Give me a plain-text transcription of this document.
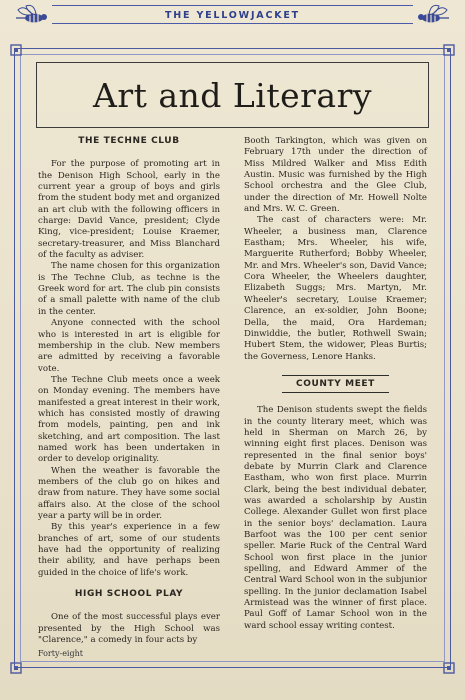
THE YELLOWJACKET
Art and Literary
THE TECHNE CLUB

For the purpose of promoting art in the Denison High School, early in the current year a group of boys and girls from the student body met and organized an art club with the following officers in charge: David Vance, president; Clyde King, vice-president; Louise Kraemer, secretary-treasurer, and Miss Blanchard of the faculty as adviser.

The name chosen for this organization is The Techne Club, as techne is the Greek word for art. The club pin consists of a small palette with name of the club in the center.

Anyone connected with the school who is interested in art is eligible for membership in the club. New members are admitted by receiving a favorable vote.

The Techne Club meets once a week on Monday evening. The members have manifested a great interest in their work, which has consisted mostly of drawing from models, painting, pen and ink sketching, and art composition. The last named work has been undertaken in order to develop originality.

When the weather is favorable the members of the club go on hikes and draw from nature. They have some social affairs also. At the close of the school year a party will be in order.

By this year's experience in a few branches of art, some of our students have had the opportunity of realizing their ability, and have perhaps been guided in the choice of life's work.

HIGH SCHOOL PLAY

One of the most successful plays ever presented by the High School was "Clarence," a comedy in four acts by

Booth Tarkington, which was given on February 17th under the direction of Miss Mildred Walker and Miss Edith Austin. Music was furnished by the High School orchestra and the Glee Club, under the direction of Mr. Howell Nolte and Mrs. W. C. Green.

The cast of characters were: Mr. Wheeler, a business man, Clarence Eastham; Mrs. Wheeler, his wife, Marguerite Rutherford; Bobby Wheeler, Mr. and Mrs. Wheeler's son, David Vance; Cora Wheeler, the Wheelers daughter, Elizabeth Suggs; Mrs. Martyn, Mr. Wheeler's secretary, Louise Kraemer; Clarence, an ex-soldier, John Boone; Della, the maid, Ora Hardeman; Dinwiddie, the butler, Rothwell Swain; Hubert Stem, the widower, Pleas Burtis; the Governess, Lenore Hanks.

COUNTY MEET

The Denison students swept the fields in the county literary meet, which was held in Sherman on March 26, by winning eight first places. Denison was represented in the final senior boys' debate by Murrin Clark and Clarence Eastham, who won first place. Murrin Clark, being the best individual debater, was awarded a scholarship by Austin College. Alexander Gullet won first place in the senior boys' declamation. Laura Barfoot was the 100 per cent senior speller. Marie Ruck of the Central Ward School won first place in the junior spelling, and Edward Ammer of the Central Ward School won in the subjunior spelling. In the junior declamation Isabel Armistead was the winner of first place. Paul Goff of Lamar School won in the ward school essay writing contest.

Forty-eight
